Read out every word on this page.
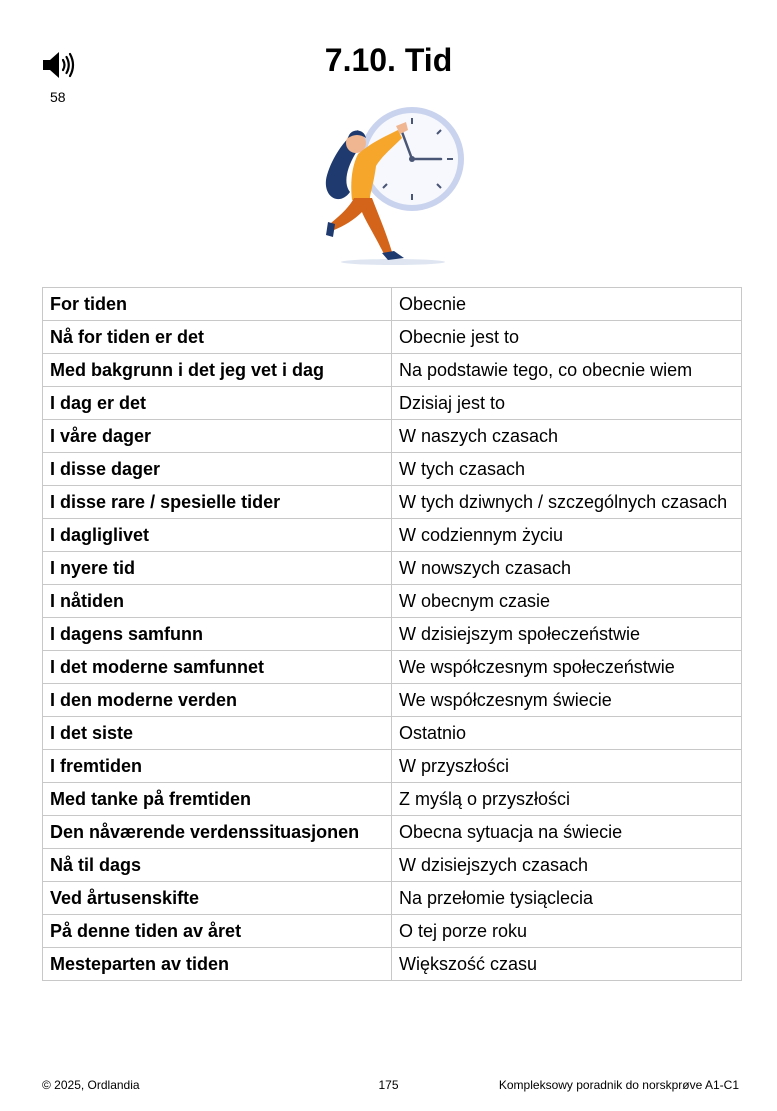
58
7.10. Tid
For tiden	Obecnie
Nå for tiden er det	Obecnie jest to
Med bakgrunn i det jeg vet i dag	Na podstawie tego, co obecnie wiem
I dag er det	Dzisiaj jest to
I våre dager	W naszych czasach
I disse dager	W tych czasach
I disse rare / spesielle tider	W tych dziwnych / szczególnych czasach
I dagliglivet	W codziennym życiu
I nyere tid	W nowszych czasach
I nåtiden	W obecnym czasie
I dagens samfunn	W dzisiejszym społeczeństwie
I det moderne samfunnet	We współczesnym społeczeństwie
I den moderne verden	We współczesnym świecie
I det siste	Ostatnio
I fremtiden	W przyszłości
Med tanke på fremtiden	Z myślą o przyszłości
Den nåværende verdenssituasjonen	Obecna sytuacja na świecie
Nå til dags	W dzisiejszych czasach
Ved årtusenskifte	Na przełomie tysiąclecia
På denne tiden av året	O tej porze roku
Mesteparten av tiden	Większość czasu
© 2025, Ordlandia	175	Kompleksowy poradnik do norskprøve A1-C1
